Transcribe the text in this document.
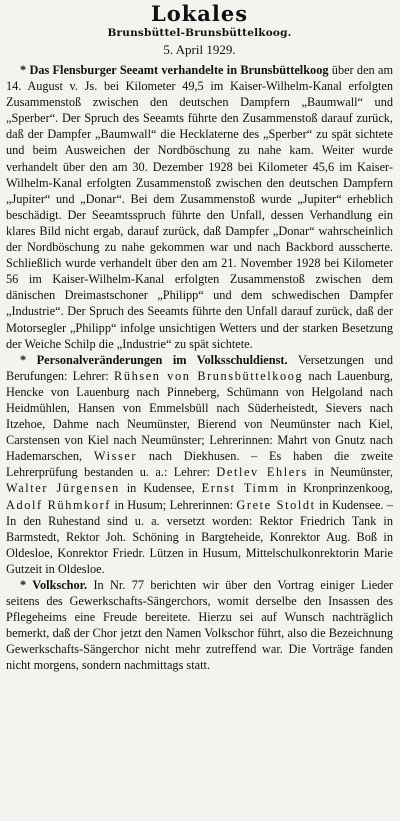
Lokales
Brunsbüttel-Brunsbüttelkoog.
5. April 1929.

* Das Flensburger Seeamt verhandelte in Brunsbüttelkoog über den am 14. August v. Js. bei Kilometer 49,5 im Kaiser-Wilhelm-Kanal erfolgten Zusammenstoß zwischen den deutschen Dampfern „Baumwall“ und „Sperber“. Der Spruch des Seeamts führte den Zusammenstoß darauf zurück, daß der Dampfer „Baumwall“ die Hecklaterne des „Sperber“ zu spät sichtete und beim Ausweichen der Nordböschung zu nahe kam. Weiter wurde verhandelt über den am 30. Dezember 1928 bei Kilometer 45,6 im Kaiser-Wilhelm-Kanal erfolgten Zusammenstoß zwischen den deutschen Dampfern „Jupiter“ und „Donar“. Bei dem Zusammenstoß wurde „Jupiter“ erheblich beschädigt. Der Seeamtsspruch führte den Unfall, dessen Verhandlung ein klares Bild nicht ergab, darauf zurück, daß Dampfer „Donar“ wahrscheinlich der Nordböschung zu nahe gekommen war und nach Backbord ausscherte. Schließlich wurde verhandelt über den am 21. November 1928 bei Kilometer 56 im Kaiser-Wilhelm-Kanal erfolgten Zusammenstoß zwischen dem dänischen Dreimastschoner „Philipp“ und dem schwedischen Dampfer „Industrie“. Der Spruch des Seeamts führte den Unfall darauf zurück, daß der Motorsegler „Philipp“ infolge unsichtigen Wetters und der starken Besetzung der Weiche Schilp die „Industrie“ zu spät sichtete.

* Personalveränderungen im Volksschuldienst. Versetzungen und Berufungen: Lehrer: Rühsen von Brunsbüttelkoog nach Lauenburg, Hencke von Lauenburg nach Pinneberg, Schümann von Helgoland nach Heidmühlen, Hansen von Emmelsbüll nach Süderheistedt, Sievers nach Itzehoe, Dahme nach Neumünster, Bierend von Neumünster nach Kiel, Carstensen von Kiel nach Neumünster; Lehrerinnen: Mahrt von Gnutz nach Hademarschen, Wisser nach Diekhusen. – Es haben die zweite Lehrerprüfung bestanden u. a.: Lehrer: Detlev Ehlers in Neumünster, Walter Jürgensen in Kudensee, Ernst Timm in Kronprinzenkoog, Adolf Rühmkorf in Husum; Lehrerinnen: Grete Stoldt in Kudensee. – In den Ruhestand sind u. a. versetzt worden: Rektor Friedrich Tank in Barmstedt, Rektor Joh. Schöning in Bargteheide, Konrektor Aug. Boß in Oldesloe, Konrektor Friedr. Lützen in Husum, Mittelschulkonrektorin Marie Gutzeit in Oldesloe.

* Volkschor. In Nr. 77 berichten wir über den Vortrag einiger Lieder seitens des Gewerkschafts-Sängerchors, womit derselbe den Insassen des Pflegeheims eine Freude bereitete. Hierzu sei auf Wunsch nachträglich bemerkt, daß der Chor jetzt den Namen Volkschor führt, also die Bezeichnung Gewerkschafts-Sängerchor nicht mehr zutreffend war. Die Vorträge fanden nicht morgens, sondern nachmittags statt.
